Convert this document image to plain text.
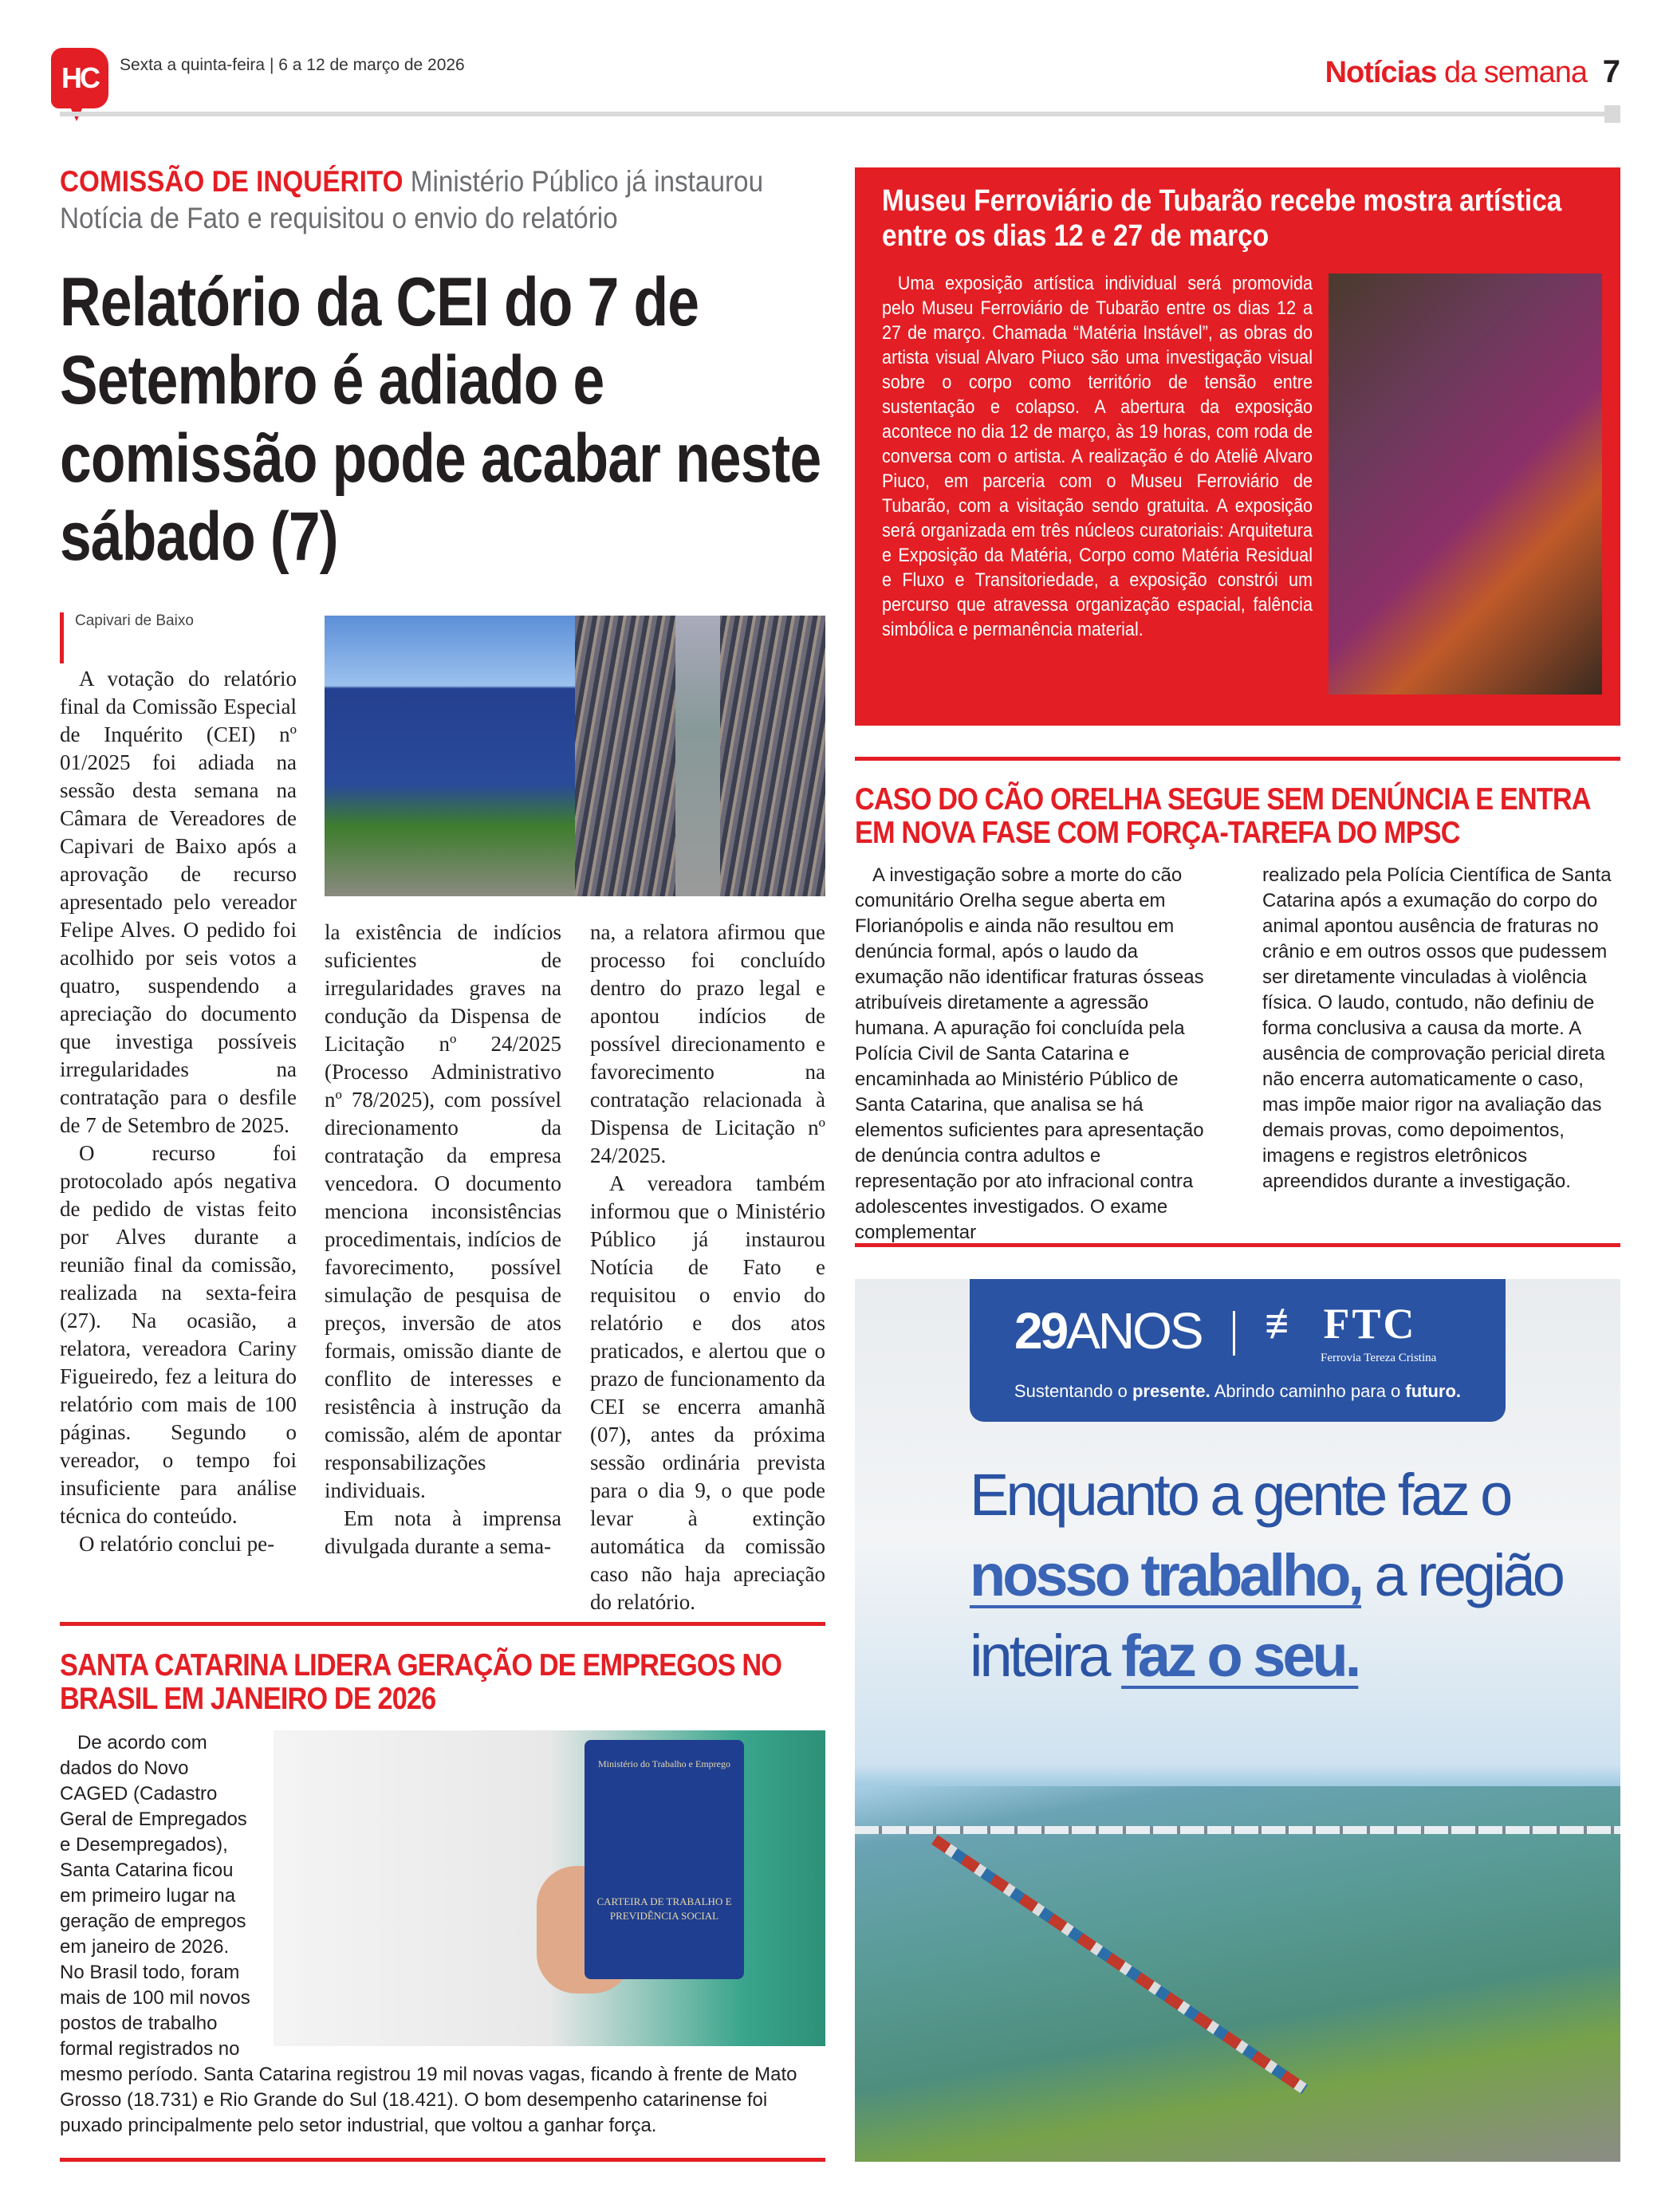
HC Sexta a quinta-feira | 6 a 12 de março de 2026	Notícias da semana 7
COMISSÃO DE INQUÉRITO Ministério Público já instaurou Notícia de Fato e requisitou o envio do relatório
Relatório da CEI do 7 de Setembro é adiado e comissão pode acabar neste sábado (7)
Capivari de Baixo

A votação do relatório final da Comissão Especial de Inquérito (CEI) nº 01/2025 foi adiada na sessão desta semana na Câmara de Vereadores de Capivari de Baixo após a aprovação de recurso apresentado pelo vereador Felipe Alves. O pedido foi acolhido por seis votos a quatro, suspendendo a apreciação do documento que investiga possíveis irregularidades na contratação para o desfile de 7 de Setembro de 2025.

O recurso foi protocolado após negativa de pedido de vistas feito por Alves durante a reunião final da comissão, realizada na sexta-feira (27). Na ocasião, a relatora, vereadora Cariny Figueiredo, fez a leitura do relatório com mais de 100 páginas. Segundo o vereador, o tempo foi insuficiente para análise técnica do conteúdo.

O relatório conclui pe-

la existência de indícios suficientes de irregularidades graves na condução da Dispensa de Licitação nº 24/2025 (Processo Administrativo nº 78/2025), com possível direcionamento da contratação da empresa vencedora. O documento menciona inconsistências procedimentais, indícios de favorecimento, possível simulação de pesquisa de preços, inversão de atos formais, omissão diante de conflito de interesses e resistência à instrução da comissão, além de apontar responsabilizações individuais.

Em nota à imprensa divulgada durante a sema-

na, a relatora afirmou que processo foi concluído dentro do prazo legal e apontou indícios de possível direcionamento e favorecimento na contratação relacionada à Dispensa de Licitação nº 24/2025.

A vereadora também informou que o Ministério Público já instaurou Notícia de Fato e requisitou o envio do relatório e dos atos praticados, e alertou que o prazo de funcionamento da CEI se encerra amanhã (07), antes da próxima sessão ordinária prevista para o dia 9, o que pode levar à extinção automática da comissão caso não haja apreciação do relatório.

SANTA CATARINA LIDERA GERAÇÃO DE EMPREGOS NO BRASIL EM JANEIRO DE 2026
Ministério do Trabalho e Emprego
CARTEIRA DE TRABALHO E PREVIDÊNCIA SOCIAL

De acordo com dados do Novo CAGED (Cadastro Geral de Empregados e Desempregados), Santa Catarina ficou em primeiro lugar na geração de empregos em janeiro de 2026. No Brasil todo, foram mais de 100 mil novos postos de trabalho formal registrados no mesmo período. Santa Catarina registrou 19 mil novas vagas, ficando à frente de Mato Grosso (18.731) e Rio Grande do Sul (18.421). O bom desempenho catarinense foi puxado principalmente pelo setor industrial, que voltou a ganhar força.

Museu Ferroviário de Tubarão recebe mostra artística entre os dias 12 e 27 de março

Uma exposição artística individual será promovida pelo Museu Ferroviário de Tubarão entre os dias 12 a 27 de março. Chamada “Matéria Instável”, as obras do artista visual Alvaro Piuco são uma investigação visual sobre o corpo como território de tensão entre sustentação e colapso. A abertura da exposição acontece no dia 12 de março, às 19 horas, com roda de conversa com o artista. A realização é do Ateliê Alvaro Piuco, em parceria com o Museu Ferroviário de Tubarão, com a visitação sendo gratuita. A exposição será organizada em três núcleos curatoriais: Arquitetura e Exposição da Matéria, Corpo como Matéria Residual e Fluxo e Transitoriedade, a exposição constrói um percurso que atravessa organização espacial, falência simbólica e permanência material.

CASO DO CÃO ORELHA SEGUE SEM DENÚNCIA E ENTRA EM NOVA FASE COM FORÇA-TAREFA DO MPSC

A investigação sobre a morte do cão comunitário Orelha segue aberta em Florianópolis e ainda não resultou em denúncia formal, após o laudo da exumação não identificar fraturas ósseas atribuíveis diretamente a agressão humana. A apuração foi concluída pela Polícia Civil de Santa Catarina e encaminhada ao Ministério Público de Santa Catarina, que analisa se há elementos suficientes para apresentação de denúncia contra adultos e representação por ato infracional contra adolescentes investigados. O exame complementar

realizado pela Polícia Científica de Santa Catarina após a exumação do corpo do animal apontou ausência de fraturas no crânio e em outros ossos que pudessem ser diretamente vinculadas à violência física. O laudo, contudo, não definiu de forma conclusiva a causa da morte. A ausência de comprovação pericial direta não encerra automaticamente o caso, mas impõe maior rigor na avaliação das demais provas, como depoimentos, imagens e registros eletrônicos apreendidos durante a investigação.

29ANOS ≢ FTC
Ferrovia Tereza Cristina
Sustentando o presente. Abrindo caminho para o futuro.
Enquanto a gente faz o nosso trabalho, a região inteira faz o seu.
